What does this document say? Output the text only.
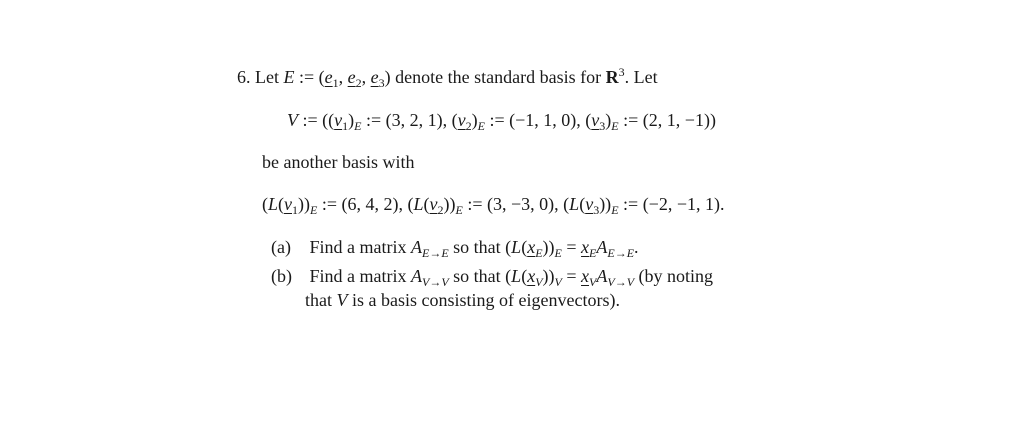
6. Let E := ($e_1$, $e_2$, $e_3$) denote the standard basis for $R^3$. Let
V := ($(v_1)_E$ := (3, 2, 1), $(v_2)_E$ := (−1, 1, 0), $(v_3)_E$ := (2, 1, −1))
be another basis with
$(L(v_1))_E$ := (6, 4, 2), $(L(v_2))_E$ := (3, −3, 0), $(L(v_3))_E$ := (−2, −1, 1).
(a) Find a matrix $A_{E\to E}$ so that $(L(x_E))_E = x_EA_{E\to E}$.
(b) Find a matrix $A_{V\to V}$ so that $(L(x_V))_V = x_VA_{V\to V}$ (by noting
that V is a basis consisting of eigenvectors).
